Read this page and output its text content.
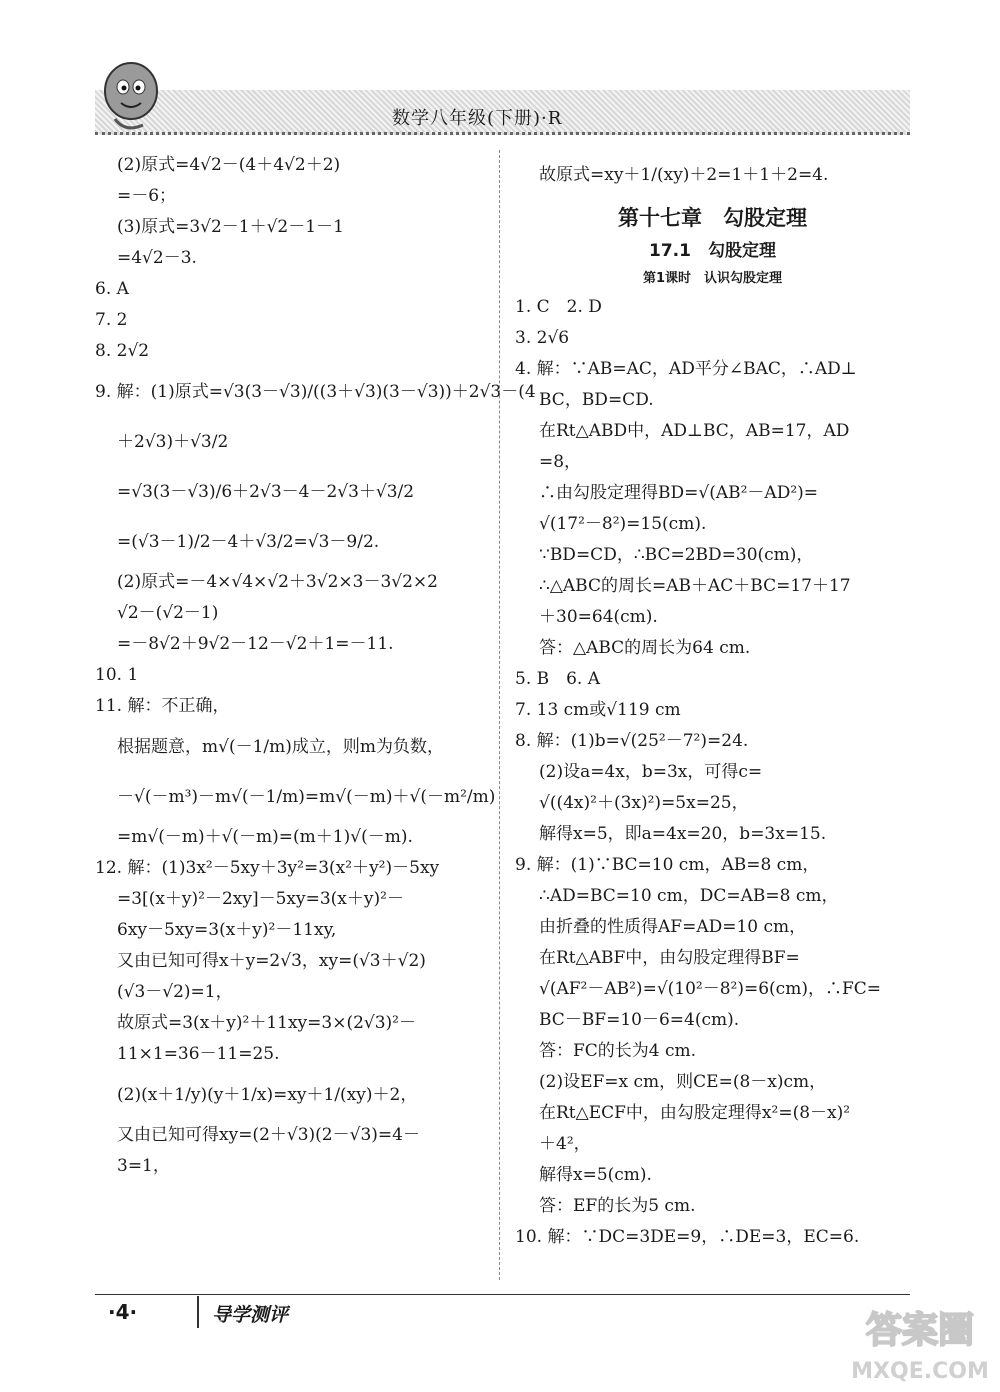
数学八年级(下册)·R
(2)原式=4√2－(4＋4√2＋2)
=－6；
(3)原式=3√2－1＋√2－1－1
=4√2－3.
6. A
7. 2
8. 2√2
9. 解：(1)原式=√3(3－√3)/((3＋√3)(3－√3))＋2√3－(4
＋2√3)＋√3/2
=√3(3－√3)/6＋2√3－4－2√3＋√3/2
=(√3－1)/2－4＋√3/2=√3－9/2.
(2)原式=－4×√4×√2＋3√2×3－3√2×2
√2－(√2－1)
=－8√2＋9√2－12－√2＋1=－11.
10. 1
11. 解：不正确，
根据题意，m√(－1/m)成立，则m为负数，
－√(－m³)－m√(－1/m)=m√(－m)＋√(－m²/m)
=m√(－m)＋√(－m)=(m＋1)√(－m).
12. 解：(1)3x²－5xy＋3y²=3(x²＋y²)－5xy
=3[(x＋y)²－2xy]－5xy=3(x＋y)²－
6xy－5xy=3(x＋y)²－11xy,
又由已知可得x＋y=2√3，xy=(√3＋√2)
(√3－√2)=1，
故原式=3(x＋y)²＋11xy=3×(2√3)²－
11×1=36－11=25.
(2)(x＋1/y)(y＋1/x)=xy＋1/(xy)＋2，
又由已知可得xy=(2＋√3)(2－√3)=4－
3=1，
故原式=xy＋1/(xy)＋2=1＋1＋2=4.
第十七章　勾股定理
17.1　勾股定理
第1课时　认识勾股定理
1. C　2. D
3. 2√6
4. 解：∵AB=AC，AD平分∠BAC，∴AD⊥
BC，BD=CD.
在Rt△ABD中，AD⊥BC，AB=17，AD
=8，
∴由勾股定理得BD=√(AB²－AD²)=
√(17²－8²)=15(cm).
∵BD=CD，∴BC=2BD=30(cm)，
∴△ABC的周长=AB＋AC＋BC=17＋17
＋30=64(cm).
答：△ABC的周长为64 cm.
5. B　6. A
7. 13 cm或√119 cm
8. 解：(1)b=√(25²－7²)=24.
(2)设a=4x，b=3x，可得c=
√((4x)²＋(3x)²)=5x=25，
解得x=5，即a=4x=20，b=3x=15.
9. 解：(1)∵BC=10 cm，AB=8 cm，
∴AD=BC=10 cm，DC=AB=8 cm，
由折叠的性质得AF=AD=10 cm，
在Rt△ABF中，由勾股定理得BF=
√(AF²－AB²)=√(10²－8²)=6(cm)，∴FC=
BC－BF=10－6=4(cm).
答：FC的长为4 cm.
(2)设EF=x cm，则CE=(8－x)cm，
在Rt△ECF中，由勾股定理得x²=(8－x)²
＋4²，
解得x=5(cm).
答：EF的长为5 cm.
10. 解：∵DC=3DE=9，∴DE=3，EC=6.
·4·	导学测评	答案圈
MXQE.COM
